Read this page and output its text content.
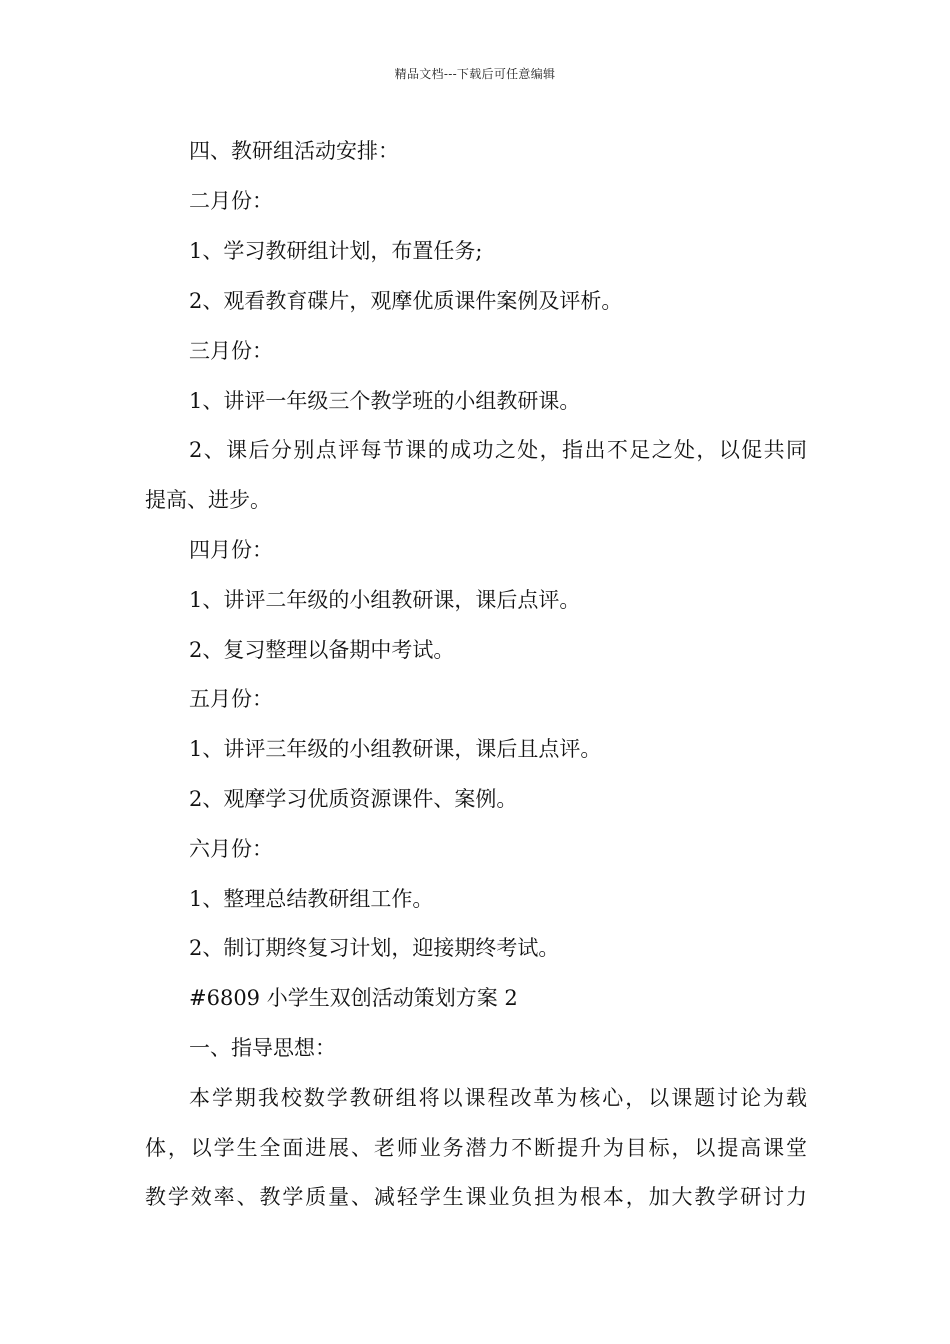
精品文档---下载后可任意编辑
四、教研组活动安排：
二月份：
1、学习教研组计划，布置任务;
2、观看教育碟片，观摩优质课件案例及评析。
三月份：
1、讲评一年级三个教学班的小组教研课。
2、课后分别点评每节课的成功之处，指出不足之处，以促共同
提高、进步。
四月份：
1、讲评二年级的小组教研课，课后点评。
2、复习整理以备期中考试。
五月份：
1、讲评三年级的小组教研课，课后且点评。
2、观摩学习优质资源课件、案例。
六月份：
1、整理总结教研组工作。
2、制订期终复习计划，迎接期终考试。
#6809 小学生双创活动策划方案 2
一、指导思想：
本学期我校数学教研组将以课程改革为核心，以课题讨论为载
体，以学生全面进展、老师业务潜力不断提升为目标，以提高课堂
教学效率、教学质量、减轻学生课业负担为根本，加大教学研讨力
